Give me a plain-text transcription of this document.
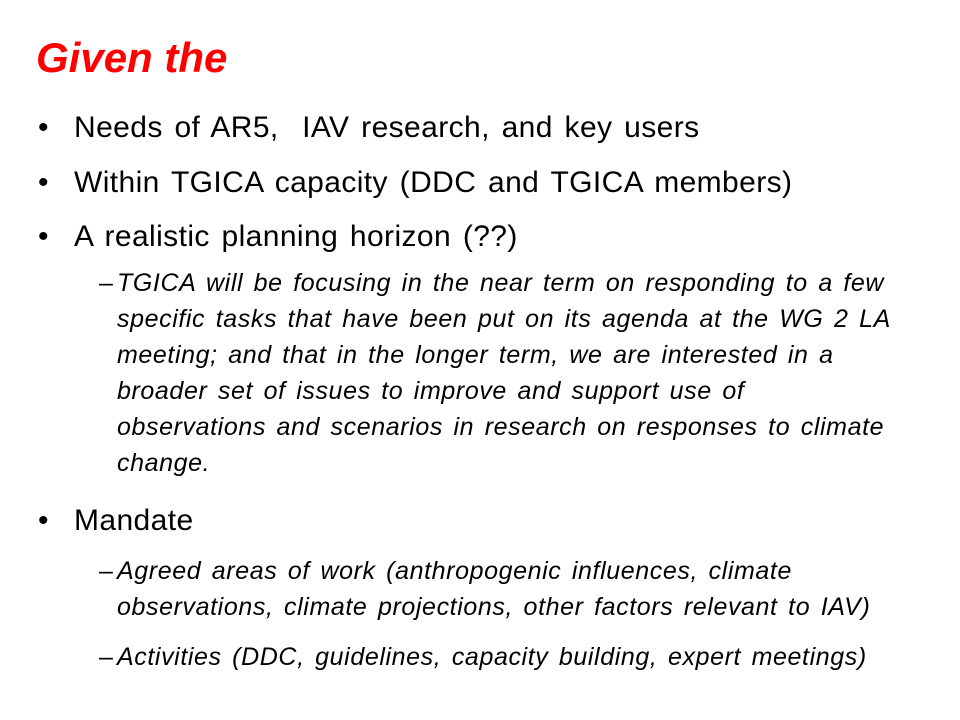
Given the
• Needs of AR5,  IAV research, and key users
• Within TGICA capacity (DDC and TGICA members)
• A realistic planning horizon (??)
– TGICA will be focusing in the near term on responding to a few
specific tasks that have been put on its agenda at the WG 2 LA
meeting; and that in the longer term, we are interested in a
broader set of issues to improve and support use of
observations and scenarios in research on responses to climate
change.
• Mandate
– Agreed areas of work (anthropogenic influences, climate
observations, climate projections, other factors relevant to IAV)
– Activities (DDC, guidelines, capacity building, expert meetings)
